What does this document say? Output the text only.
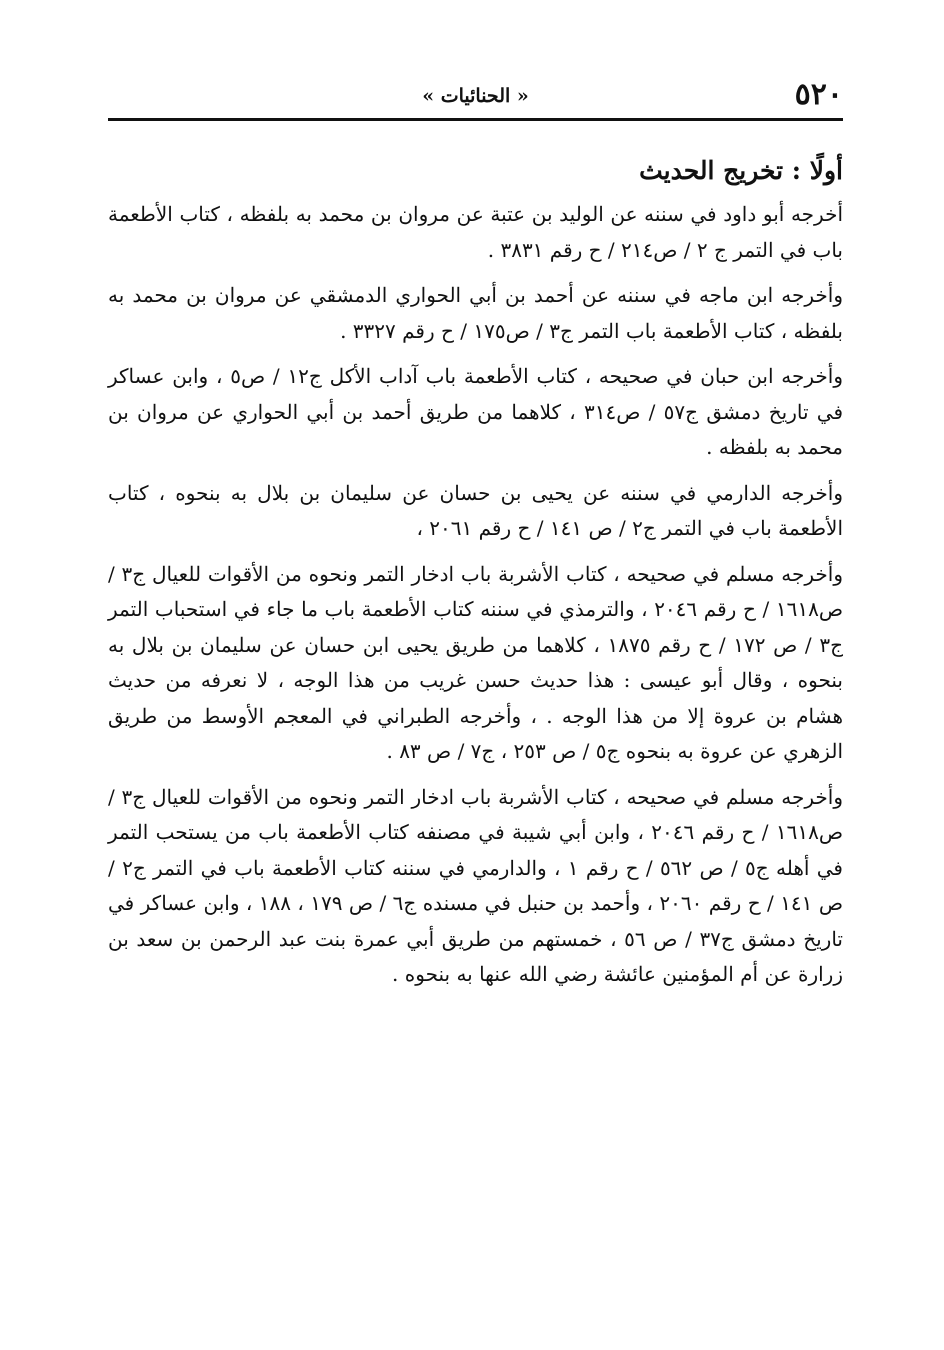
٥٢٠
« الحنائيات »
أولًا : تخريج الحديث

أخرجه أبو داود في سننه عن الوليد بن عتبة عن مروان بن محمد به بلفظه ، كتاب الأطعمة باب في التمر ج ٢ / ص٢١٤ / ح رقم ٣٨٣١ .

وأخرجه ابن ماجه في سننه عن أحمد بن أبي الحواري الدمشقي عن مروان بن محمد به بلفظه ، كتاب الأطعمة باب التمر ج٣ / ص١٧٥ / ح رقم ٣٣٢٧ .

وأخرجه ابن حبان في صحيحه ، كتاب الأطعمة باب آداب الأكل ج١٢ / ص٥ ، وابن عساكر في تاريخ دمشق ج٥٧ / ص٣١٤ ، كلاهما من طريق أحمد بن أبي الحواري عن مروان بن محمد به بلفظه .

وأخرجه الدارمي في سننه عن يحيى بن حسان عن سليمان بن بلال به بنحوه ، كتاب الأطعمة باب في التمر ج٢ / ص ١٤١ / ح رقم ٢٠٦١ ،

وأخرجه مسلم في صحيحه ، كتاب الأشربة باب ادخار التمر ونحوه من الأقوات للعيال ج٣ / ص١٦١٨ / ح رقم ٢٠٤٦ ، والترمذي في سننه كتاب الأطعمة باب ما جاء في استحباب التمر ج٣ / ص ١٧٢ / ح رقم ١٨٧٥ ، كلاهما من طريق يحيى ابن حسان عن سليمان بن بلال به بنحوه ، وقال أبو عيسى : هذا حديث حسن غريب من هذا الوجه ، لا نعرفه من حديث هشام بن عروة إلا من هذا الوجه . ، وأخرجه الطبراني في المعجم الأوسط من طريق الزهري عن عروة به بنحوه ج٥ / ص ٢٥٣ ، ج٧ / ص ٨٣ .

وأخرجه مسلم في صحيحه ، كتاب الأشربة باب ادخار التمر ونحوه من الأقوات للعيال ج٣ / ص١٦١٨ / ح رقم ٢٠٤٦ ، وابن أبي شيبة في مصنفه كتاب الأطعمة باب من يستحب التمر في أهله ج٥ / ص ٥٦٢ / ح رقم ١ ، والدارمي في سننه كتاب الأطعمة باب في التمر ج٢ / ص ١٤١ / ح رقم ٢٠٦٠ ، وأحمد بن حنبل في مسنده ج٦ / ص ١٧٩ ، ١٨٨ ، وابن عساكر في تاريخ دمشق ج٣٧ / ص ٥٦ ، خمستهم من طريق أبي عمرة بنت عبد الرحمن بن سعد بن زرارة عن أم المؤمنين عائشة رضي الله عنها به بنحوه .
